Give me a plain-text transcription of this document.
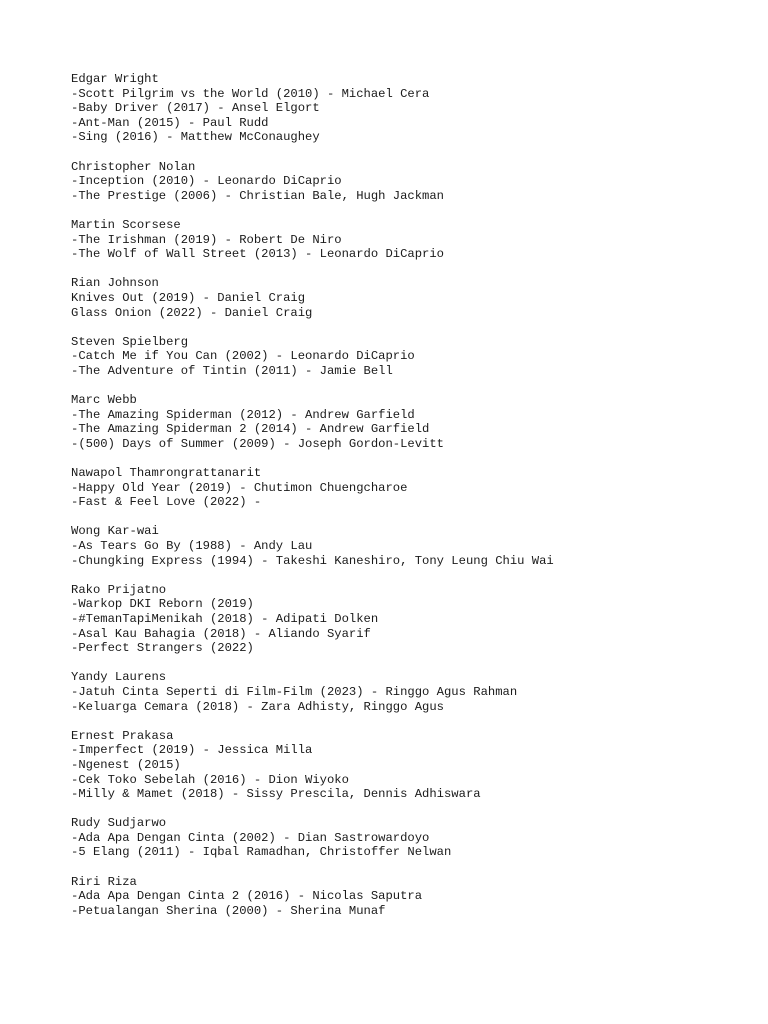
Edgar Wright
-Scott Pilgrim vs the World (2010) - Michael Cera
-Baby Driver (2017) - Ansel Elgort
-Ant-Man (2015) - Paul Rudd
-Sing (2016) - Matthew McConaughey
Christopher Nolan
-Inception (2010) - Leonardo DiCaprio
-The Prestige (2006) - Christian Bale, Hugh Jackman
Martin Scorsese
-The Irishman (2019) - Robert De Niro
-The Wolf of Wall Street (2013) - Leonardo DiCaprio
Rian Johnson
Knives Out (2019) - Daniel Craig
Glass Onion (2022) - Daniel Craig
Steven Spielberg
-Catch Me if You Can (2002) - Leonardo DiCaprio
-The Adventure of Tintin (2011) - Jamie Bell
Marc Webb
-The Amazing Spiderman (2012) - Andrew Garfield
-The Amazing Spiderman 2 (2014) - Andrew Garfield
-(500) Days of Summer (2009) - Joseph Gordon-Levitt
Nawapol Thamrongrattanarit
-Happy Old Year (2019) - Chutimon Chuengcharoe
-Fast & Feel Love (2022) -
Wong Kar-wai
-As Tears Go By (1988) - Andy Lau
-Chungking Express (1994) - Takeshi Kaneshiro, Tony Leung Chiu Wai
Rako Prijatno
-Warkop DKI Reborn (2019)
-#TemanTapiMenikah (2018) - Adipati Dolken
-Asal Kau Bahagia (2018) - Aliando Syarif
-Perfect Strangers (2022)
Yandy Laurens
-Jatuh Cinta Seperti di Film-Film (2023) - Ringgo Agus Rahman
-Keluarga Cemara (2018) - Zara Adhisty, Ringgo Agus
Ernest Prakasa
-Imperfect (2019) - Jessica Milla
-Ngenest (2015)
-Cek Toko Sebelah (2016) - Dion Wiyoko
-Milly & Mamet (2018) - Sissy Prescila, Dennis Adhiswara
Rudy Sudjarwo
-Ada Apa Dengan Cinta (2002) - Dian Sastrowardoyo
-5 Elang (2011) - Iqbal Ramadhan, Christoffer Nelwan
Riri Riza
-Ada Apa Dengan Cinta 2 (2016) - Nicolas Saputra
-Petualangan Sherina (2000) - Sherina Munaf
